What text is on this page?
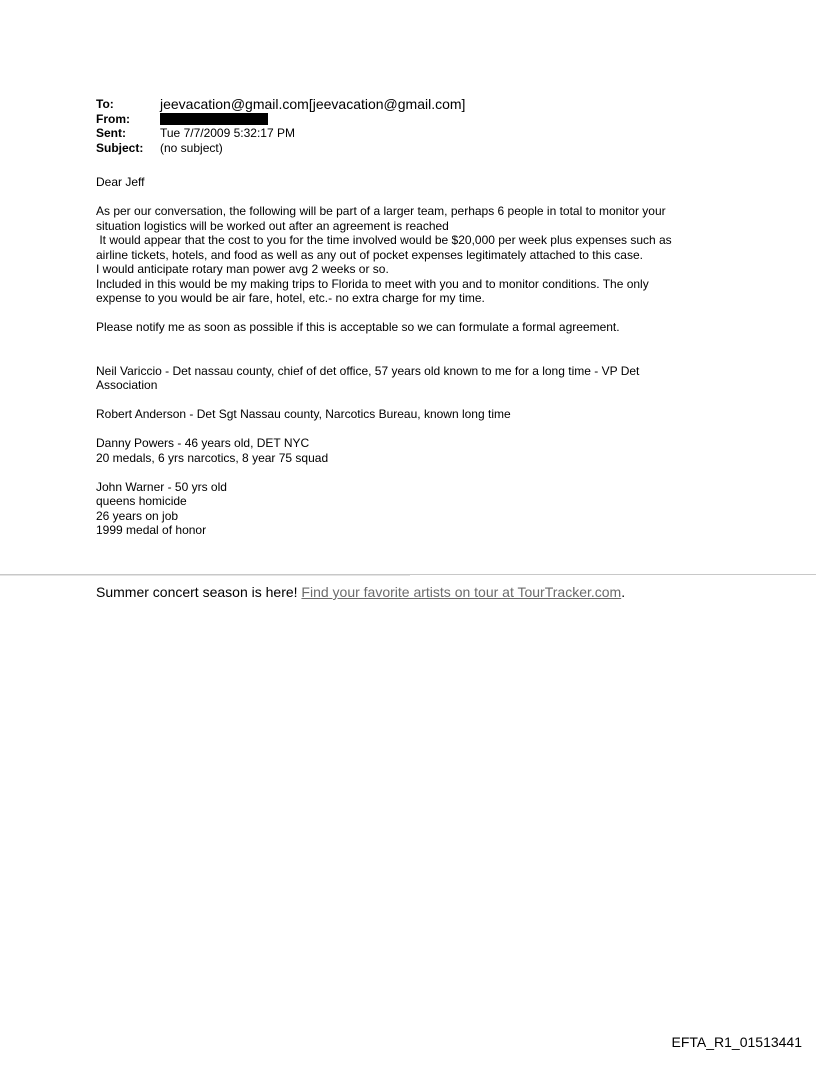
To:	jeevacation@gmail.com[jeevacation@gmail.com]
From:
Sent:	Tue 7/7/2009 5:32:17 PM
Subject:	(no subject)
Dear Jeff
As per our conversation, the following will be part of a larger team, perhaps 6 people in total to monitor your
situation logistics will be worked out after an agreement is reached
It would appear that the cost to you for the time involved would be $20,000 per week plus expenses such as
airline tickets, hotels, and food as well as any out of pocket expenses legitimately attached to this case.
I would anticipate rotary man power avg 2 weeks or so.
Included in this would be my making trips to Florida to meet with you and to monitor conditions. The only
expense to you would be air fare, hotel, etc.- no extra charge for my time.
Please notify me as soon as possible if this is acceptable so we can formulate a formal agreement.
Neil Variccio - Det nassau county, chief of det office, 57 years old known to me for a long time - VP Det
Association
Robert Anderson - Det Sgt Nassau county, Narcotics Bureau, known long time
Danny Powers - 46 years old, DET NYC
20 medals, 6 yrs narcotics, 8 year 75 squad
John Warner - 50 yrs old
queens homicide
26 years on job
1999 medal of honor
Summer concert season is here! Find your favorite artists on tour at TourTracker.com.
EFTA_R1_01513441
